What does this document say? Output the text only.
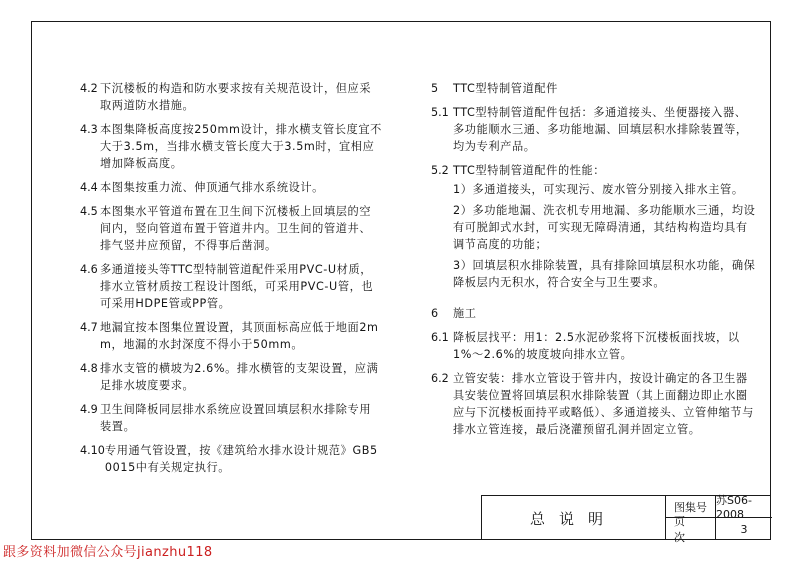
4.2 下沉楼板的构造和防水要求按有关规范设计，但应采取两道防水措施。
4.3 本图集降板高度按250mm设计，排水横支管长度宜不大于3.5m，当排水横支管长度大于3.5m时，宜相应增加降板高度。
4.4 本图集按重力流、伸顶通气排水系统设计。
4.5 本图集水平管道布置在卫生间下沉楼板上回填层的空间内，竖向管道布置于管道井内。卫生间的管道井、排气竖井应预留，不得事后凿洞。
4.6 多通道接头等TTC型特制管道配件采用PVC-U材质，排水立管材质按工程设计图纸，可采用PVC-U管，也可采用HDPE管或PP管。
4.7 地漏宜按本图集位置设置，其顶面标高应低于地面2mm，地漏的水封深度不得小于50mm。
4.8 排水支管的横坡为2.6%。排水横管的支架设置，应满足排水坡度要求。
4.9 卫生间降板同层排水系统应设置回填层积水排除专用装置。
4.10 专用通气管设置，按《建筑给水排水设计规范》GB50015中有关规定执行。
5	TTC型特制管道配件
5.1 TTC型特制管道配件包括：多通道接头、坐便器接入器、多功能顺水三通、多功能地漏、回填层积水排除装置等，均为专利产品。
5.2 TTC型特制管道配件的性能：
1）多通道接头，可实现污、废水管分别接入排水主管。
2）多功能地漏、洗衣机专用地漏、多功能顺水三通，均设有可脱卸式水封，可实现无障碍清通，其结构构造均具有调节高度的功能；
3）回填层积水排除装置，具有排除回填层积水功能，确保降板层内无积水，符合安全与卫生要求。
6	施工
6.1 降板层找平：用1：2.5水泥砂浆将下沉楼板面找坡，以1%～2.6%的坡度坡向排水立管。
6.2 立管安装：排水立管设于管井内，按设计确定的各卫生器具安装位置将回填层积水排除装置（其上面翻边即止水圈应与下沉楼板面持平或略低）、多通道接头、立管伸缩节与排水立管连接，最后浇灌预留孔洞并固定立管。
总说明
图集号 苏S06-2008
页次
3
跟多资料加微信公众号jianzhu118
